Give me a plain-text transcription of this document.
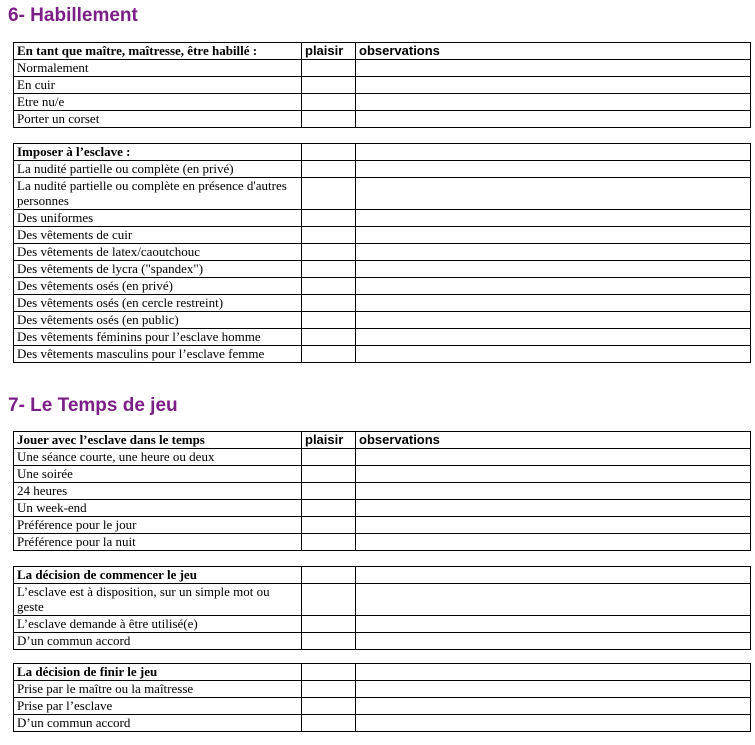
6- Habillement
En tant que maître, maîtresse, être habillé :	plaisir	observations
Normalement		
En cuir		
Etre nu/e		
Porter un corset		
Imposer à l’esclave :		
La nudité partielle ou complète (en privé)		
La nudité partielle ou complète en présence d'autres personnes		
Des uniformes		
Des vêtements de cuir		
Des vêtements de latex/caoutchouc		
Des vêtements de lycra ("spandex")		
Des vêtements osés (en privé)		
Des vêtements osés (en cercle restreint)		
Des vêtements osés (en public)		
Des vêtements féminins pour l’esclave homme		
Des vêtements masculins pour l’esclave femme		
7- Le Temps de jeu
Jouer avec l’esclave dans le temps	plaisir	observations
Une séance courte, une heure ou deux		
Une soirée		
24 heures		
Un week-end		
Préférence pour le jour		
Préférence pour la nuit		
La décision de commencer le jeu		
L’esclave est à disposition, sur un simple mot ou geste		
L’esclave demande à être utilisé(e)		
D’un commun accord		
La décision de finir le jeu		
Prise par le maître ou la maîtresse		
Prise par l’esclave		
D’un commun accord		
